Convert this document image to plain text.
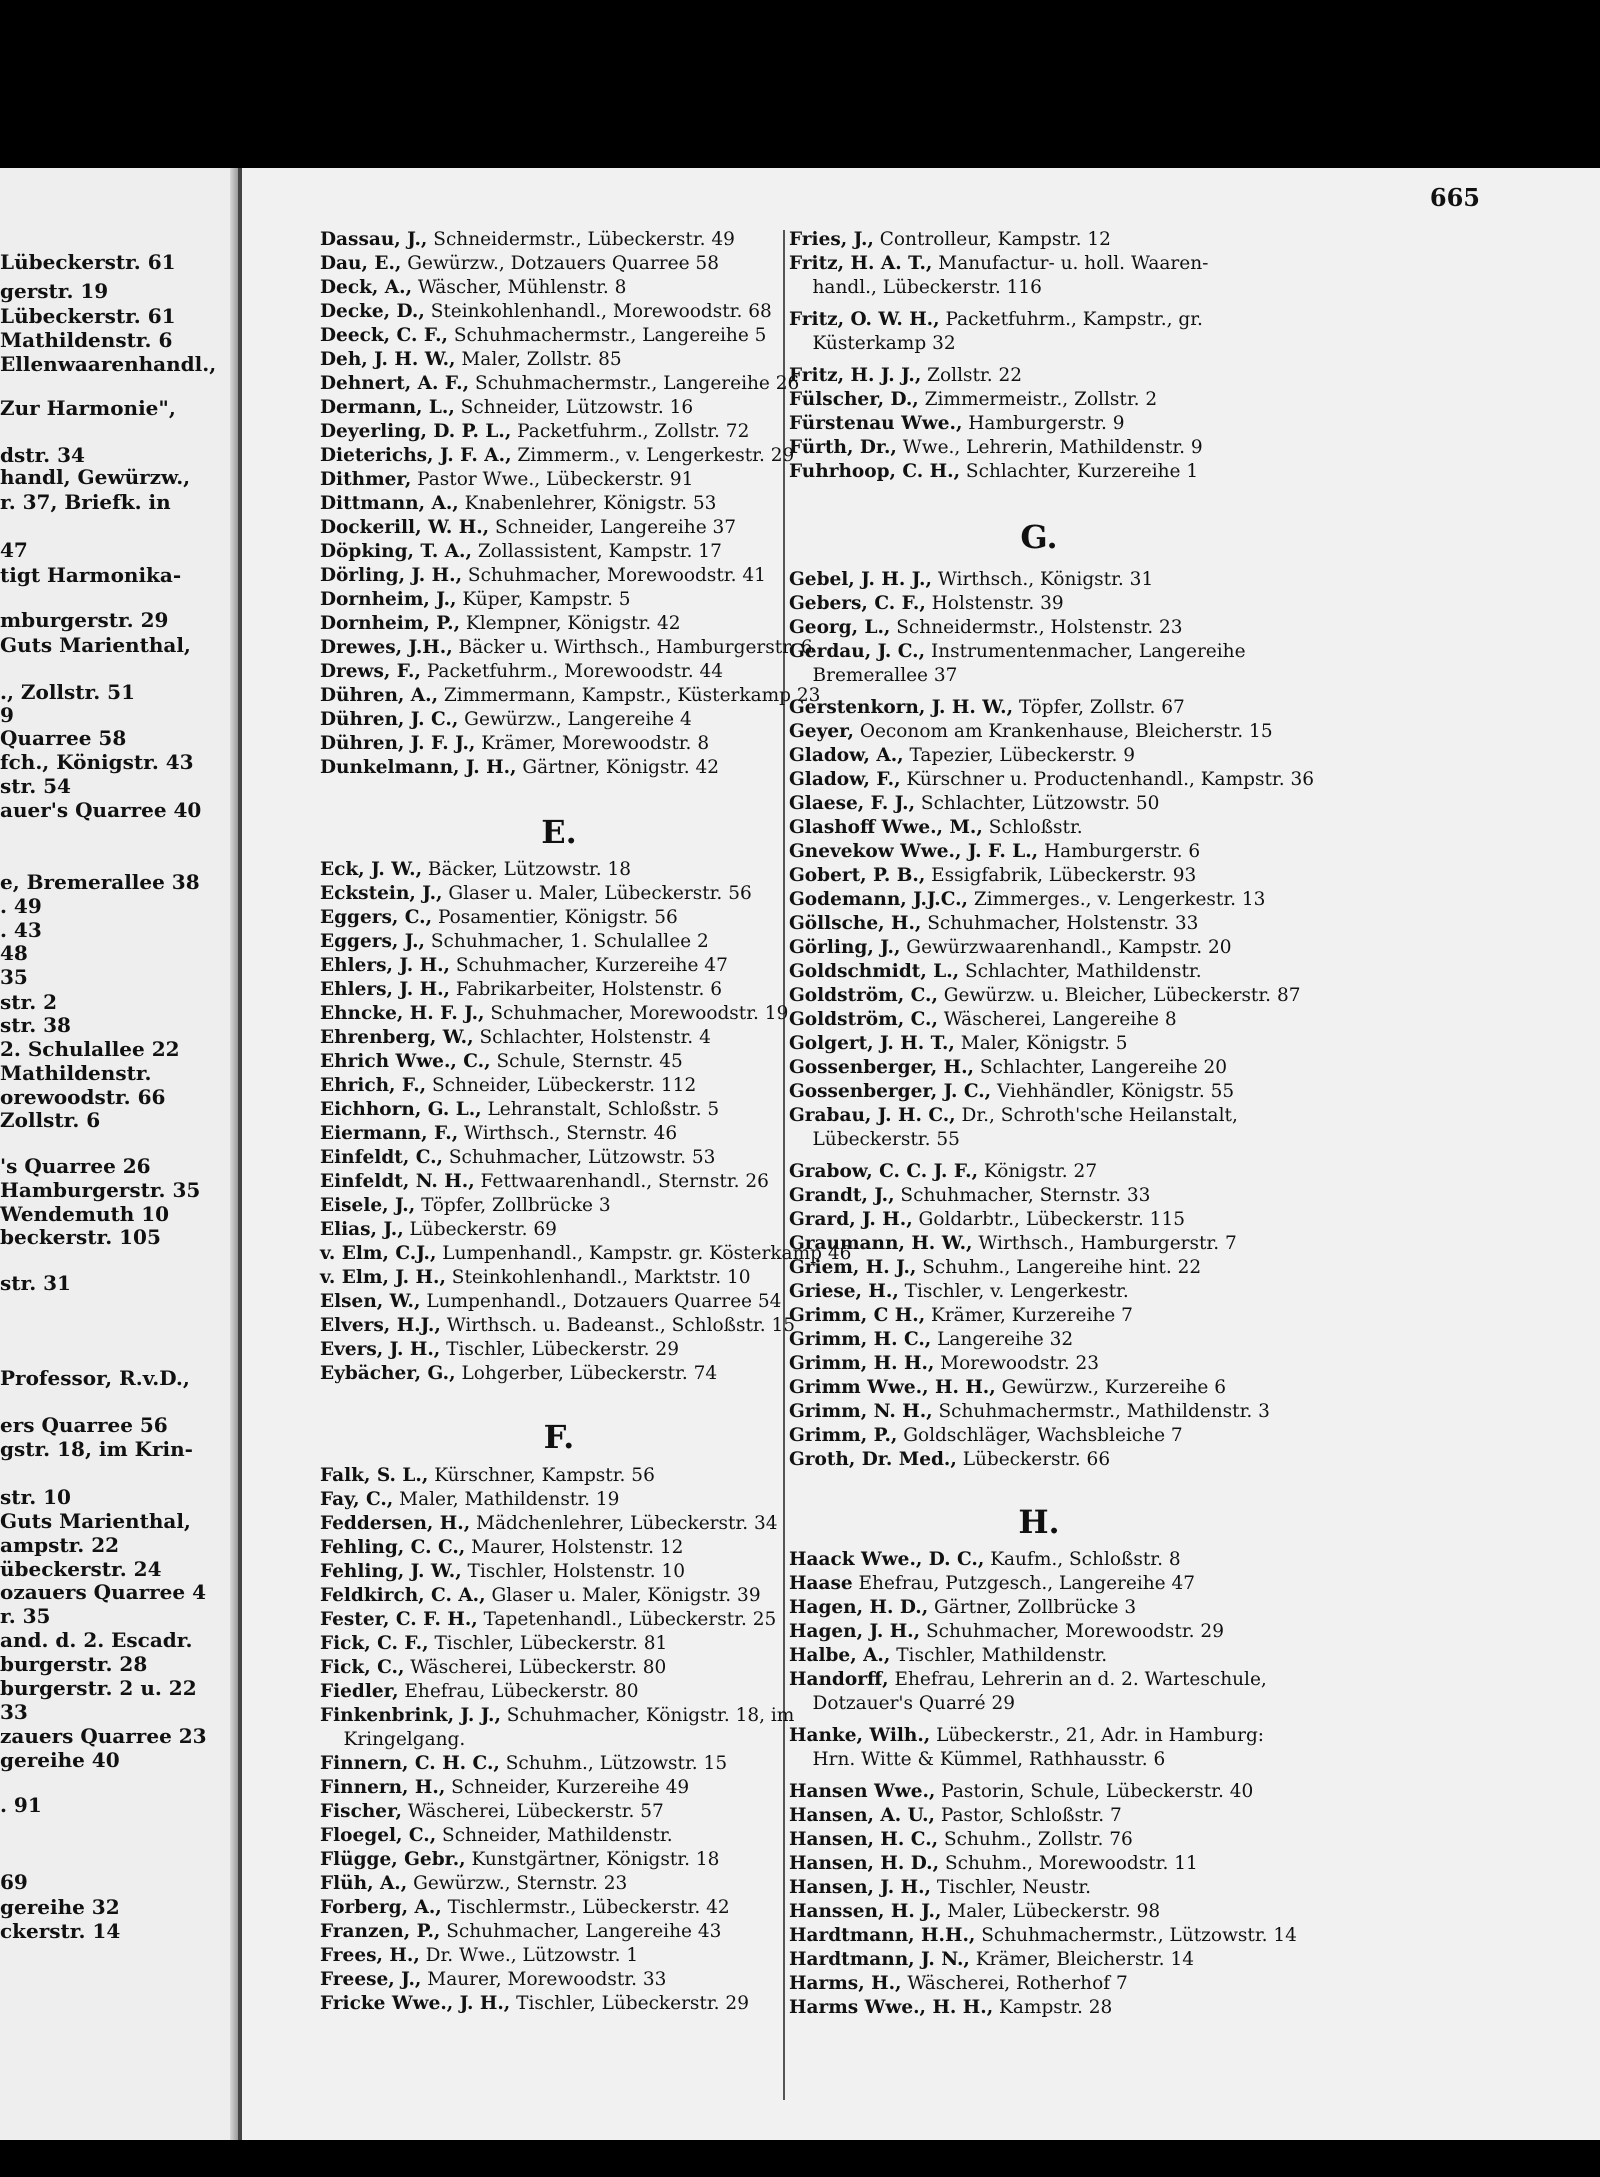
Lübeckerstr. 61
gerstr. 19
Lübeckerstr. 61
Mathildenstr. 6
Ellenwaarenhandl.,
Zur Harmonie",
dstr. 34
handl, Gewürzw.,
r. 37, Briefk. in
47
tigt Harmonika-
mburgerstr. 29
Guts Marienthal,
., Zollstr. 51
9
Quarree 58
fch., Königstr. 43
str. 54
auer's Quarree 40
e, Bremerallee 38
. 49
. 43
48
35
str. 2
str. 38
2. Schulallee 22
Mathildenstr.
orewoodstr. 66
Zollstr. 6
's Quarree 26
Hamburgerstr. 35
Wendemuth 10
beckerstr. 105
str. 31
Professor, R.v.D.,
ers Quarree 56
gstr. 18, im Krin-
str. 10
Guts Marienthal,
ampstr. 22
übeckerstr. 24
ozauers Quarree 4
r. 35
and. d. 2. Escadr.
burgerstr. 28
burgerstr. 2 u. 22
33
zauers Quarree 23
gereihe 40
. 91
69
gereihe 32
ckerstr. 14
665
Dassau, J., Schneidermstr., Lübeckerstr. 49
Dau, E., Gewürzw., Dotzauers Quarree 58
Deck, A., Wäscher, Mühlenstr. 8
Decke, D., Steinkohlenhandl., Morewoodstr. 68
Deeck, C. F., Schuhmachermstr., Langereihe 5
Deh, J. H. W., Maler, Zollstr. 85
Dehnert, A. F., Schuhmachermstr., Langereihe 26
Dermann, L., Schneider, Lützowstr. 16
Deyerling, D. P. L., Packetfuhrm., Zollstr. 72
Dieterichs, J. F. A., Zimmerm., v. Lengerkestr. 29
Dithmer, Pastor Wwe., Lübeckerstr. 91
Dittmann, A., Knabenlehrer, Königstr. 53
Dockerill, W. H., Schneider, Langereihe 37
Döpking, T. A., Zollassistent, Kampstr. 17
Dörling, J. H., Schuhmacher, Morewoodstr. 41
Dornheim, J., Küper, Kampstr. 5
Dornheim, P., Klempner, Königstr. 42
Drewes, J.H., Bäcker u. Wirthsch., Hamburgerstr. 6
Drews, F., Packetfuhrm., Morewoodstr. 44
Dühren, A., Zimmermann, Kampstr., Küsterkamp 23
Dühren, J. C., Gewürzw., Langereihe 4
Dühren, J. F. J., Krämer, Morewoodstr. 8
Dunkelmann, J. H., Gärtner, Königstr. 42
E.
Eck, J. W., Bäcker, Lützowstr. 18
Eckstein, J., Glaser u. Maler, Lübeckerstr. 56
Eggers, C., Posamentier, Königstr. 56
Eggers, J., Schuhmacher, 1. Schulallee 2
Ehlers, J. H., Schuhmacher, Kurzereihe 47
Ehlers, J. H., Fabrikarbeiter, Holstenstr. 6
Ehncke, H. F. J., Schuhmacher, Morewoodstr. 19
Ehrenberg, W., Schlachter, Holstenstr. 4
Ehrich Wwe., C., Schule, Sternstr. 45
Ehrich, F., Schneider, Lübeckerstr. 112
Eichhorn, G. L., Lehranstalt, Schloßstr. 5
Eiermann, F., Wirthsch., Sternstr. 46
Einfeldt, C., Schuhmacher, Lützowstr. 53
Einfeldt, N. H., Fettwaarenhandl., Sternstr. 26
Eisele, J., Töpfer, Zollbrücke 3
Elias, J., Lübeckerstr. 69
v. Elm, C.J., Lumpenhandl., Kampstr. gr. Kösterkamp 46
v. Elm, J. H., Steinkohlenhandl., Marktstr. 10
Elsen, W., Lumpenhandl., Dotzauers Quarree 54
Elvers, H.J., Wirthsch. u. Badeanst., Schloßstr. 15
Evers, J. H., Tischler, Lübeckerstr. 29
Eybächer, G., Lohgerber, Lübeckerstr. 74
F.
Falk, S. L., Kürschner, Kampstr. 56
Fay, C., Maler, Mathildenstr. 19
Feddersen, H., Mädchenlehrer, Lübeckerstr. 34
Fehling, C. C., Maurer, Holstenstr. 12
Fehling, J. W., Tischler, Holstenstr. 10
Feldkirch, C. A., Glaser u. Maler, Königstr. 39
Fester, C. F. H., Tapetenhandl., Lübeckerstr. 25
Fick, C. F., Tischler, Lübeckerstr. 81
Fick, C., Wäscherei, Lübeckerstr. 80
Fiedler, Ehefrau, Lübeckerstr. 80
Finkenbrink, J. J., Schuhmacher, Königstr. 18, im
Kringelgang.
Finnern, C. H. C., Schuhm., Lützowstr. 15
Finnern, H., Schneider, Kurzereihe 49
Fischer, Wäscherei, Lübeckerstr. 57
Floegel, C., Schneider, Mathildenstr.
Flügge, Gebr., Kunstgärtner, Königstr. 18
Flüh, A., Gewürzw., Sternstr. 23
Forberg, A., Tischlermstr., Lübeckerstr. 42
Franzen, P., Schuhmacher, Langereihe 43
Frees, H., Dr. Wwe., Lützowstr. 1
Freese, J., Maurer, Morewoodstr. 33
Fricke Wwe., J. H., Tischler, Lübeckerstr. 29
Fries, J., Controlleur, Kampstr. 12
Fritz, H. A. T., Manufactur- u. holl. Waaren-
handl., Lübeckerstr. 116
Fritz, O. W. H., Packetfuhrm., Kampstr., gr.
Küsterkamp 32
Fritz, H. J. J., Zollstr. 22
Fülscher, D., Zimmermeistr., Zollstr. 2
Fürstenau Wwe., Hamburgerstr. 9
Fürth, Dr., Wwe., Lehrerin, Mathildenstr. 9
Fuhrhoop, C. H., Schlachter, Kurzereihe 1
G.
Gebel, J. H. J., Wirthsch., Königstr. 31
Gebers, C. F., Holstenstr. 39
Georg, L., Schneidermstr., Holstenstr. 23
Gerdau, J. C., Instrumentenmacher, Langereihe
Bremerallee 37
Gerstenkorn, J. H. W., Töpfer, Zollstr. 67
Geyer, Oeconom am Krankenhause, Bleicherstr. 15
Gladow, A., Tapezier, Lübeckerstr. 9
Gladow, F., Kürschner u. Productenhandl., Kampstr. 36
Glaese, F. J., Schlachter, Lützowstr. 50
Glashoff Wwe., M., Schloßstr.
Gnevekow Wwe., J. F. L., Hamburgerstr. 6
Gobert, P. B., Essigfabrik, Lübeckerstr. 93
Godemann, J.J.C., Zimmerges., v. Lengerkestr. 13
Göllsche, H., Schuhmacher, Holstenstr. 33
Görling, J., Gewürzwaarenhandl., Kampstr. 20
Goldschmidt, L., Schlachter, Mathildenstr.
Goldström, C., Gewürzw. u. Bleicher, Lübeckerstr. 87
Goldström, C., Wäscherei, Langereihe 8
Golgert, J. H. T., Maler, Königstr. 5
Gossenberger, H., Schlachter, Langereihe 20
Gossenberger, J. C., Viehhändler, Königstr. 55
Grabau, J. H. C., Dr., Schroth'sche Heilanstalt,
Lübeckerstr. 55
Grabow, C. C. J. F., Königstr. 27
Grandt, J., Schuhmacher, Sternstr. 33
Grard, J. H., Goldarbtr., Lübeckerstr. 115
Graumann, H. W., Wirthsch., Hamburgerstr. 7
Griem, H. J., Schuhm., Langereihe hint. 22
Griese, H., Tischler, v. Lengerkestr.
Grimm, C H., Krämer, Kurzereihe 7
Grimm, H. C., Langereihe 32
Grimm, H. H., Morewoodstr. 23
Grimm Wwe., H. H., Gewürzw., Kurzereihe 6
Grimm, N. H., Schuhmachermstr., Mathildenstr. 3
Grimm, P., Goldschläger, Wachsbleiche 7
Groth, Dr. Med., Lübeckerstr. 66
H.
Haack Wwe., D. C., Kaufm., Schloßstr. 8
Haase Ehefrau, Putzgesch., Langereihe 47
Hagen, H. D., Gärtner, Zollbrücke 3
Hagen, J. H., Schuhmacher, Morewoodstr. 29
Halbe, A., Tischler, Mathildenstr.
Handorff, Ehefrau, Lehrerin an d. 2. Warteschule,
Dotzauer's Quarré 29
Hanke, Wilh., Lübeckerstr., 21, Adr. in Hamburg:
Hrn. Witte & Kümmel, Rathhausstr. 6
Hansen Wwe., Pastorin, Schule, Lübeckerstr. 40
Hansen, A. U., Pastor, Schloßstr. 7
Hansen, H. C., Schuhm., Zollstr. 76
Hansen, H. D., Schuhm., Morewoodstr. 11
Hansen, J. H., Tischler, Neustr.
Hanssen, H. J., Maler, Lübeckerstr. 98
Hardtmann, H.H., Schuhmachermstr., Lützowstr. 14
Hardtmann, J. N., Krämer, Bleicherstr. 14
Harms, H., Wäscherei, Rotherhof 7
Harms Wwe., H. H., Kampstr. 28
